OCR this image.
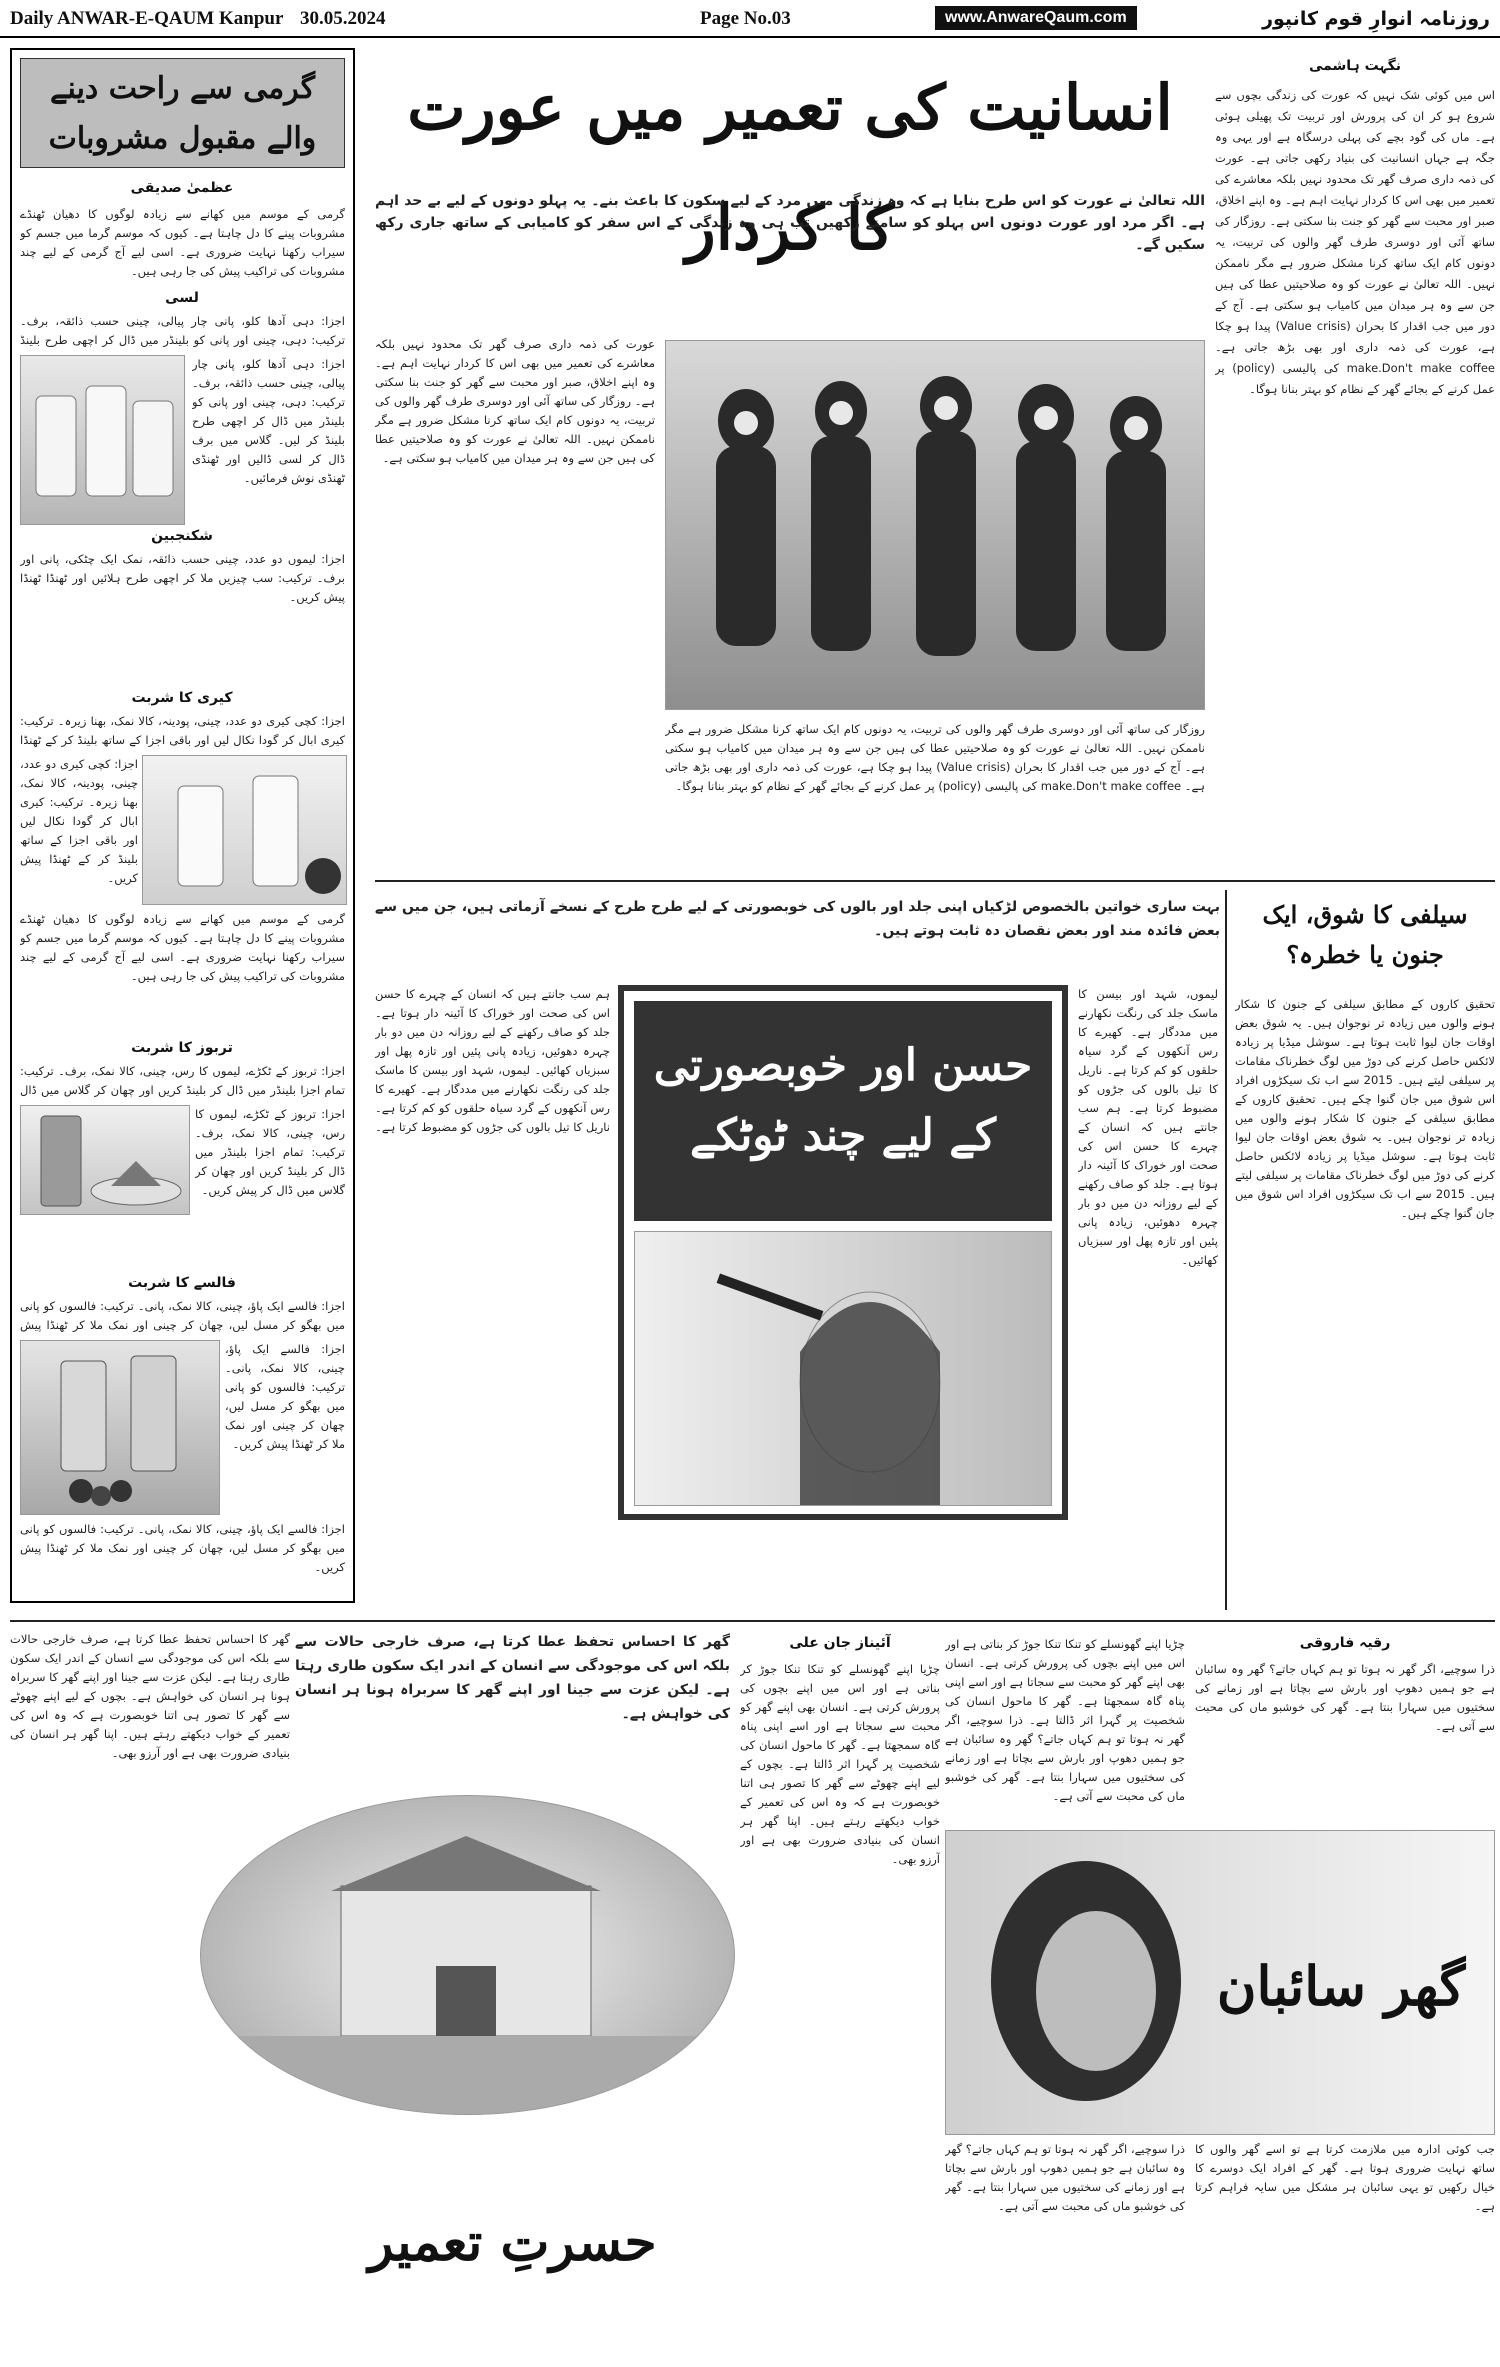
Daily ANWAR-E-QAUM Kanpur 30.05.2024	Page No.03	www.AnwareQaum.com	روزنامہ انوارِ قوم کانپور
گرمی سے راحت دینے والے مقبول مشروبات
عظمیٰ صدیقی
گرمی کے موسم میں کھانے سے زیادہ لوگوں کا دھیان ٹھنڈے مشروبات پینے کا دل چاہتا ہے۔ کیوں کہ موسم گرما میں جسم کو سیراب رکھنا نہایت ضروری ہے۔ اسی لیے آج گرمی کے لیے چند مشروبات کی تراکیب پیش کی جا رہی ہیں۔
لسی
اجزا: دہی آدھا کلو، پانی چار پیالی، چینی حسب ذائقہ، برف۔ ترکیب: دہی، چینی اور پانی کو بلینڈر میں ڈال کر اچھی طرح بلینڈ
اجزا: دہی آدھا کلو، پانی چار پیالی، چینی حسب ذائقہ، برف۔ ترکیب: دہی، چینی اور پانی کو بلینڈر میں ڈال کر اچھی طرح بلینڈ کر لیں۔ گلاس میں برف ڈال کر لسی ڈالیں اور ٹھنڈی ٹھنڈی نوش فرمائیں۔
شکنجبین
اجزا: لیموں دو عدد، چینی حسب ذائقہ، نمک ایک چٹکی، پانی اور برف۔ ترکیب: سب چیزیں ملا کر اچھی طرح ہلائیں اور ٹھنڈا ٹھنڈا پیش کریں۔
کیری کا شربت
اجزا: کچی کیری دو عدد، چینی، پودینہ، کالا نمک، بھنا زیرہ۔ ترکیب: کیری ابال کر گودا نکال لیں اور باقی اجزا کے ساتھ بلینڈ کر کے ٹھنڈا
اجزا: کچی کیری دو عدد، چینی، پودینہ، کالا نمک، بھنا زیرہ۔ ترکیب: کیری ابال کر گودا نکال لیں اور باقی اجزا کے ساتھ بلینڈ کر کے ٹھنڈا پیش کریں۔
گرمی کے موسم میں کھانے سے زیادہ لوگوں کا دھیان ٹھنڈے مشروبات پینے کا دل چاہتا ہے۔ کیوں کہ موسم گرما میں جسم کو سیراب رکھنا نہایت ضروری ہے۔ اسی لیے آج گرمی کے لیے چند مشروبات کی تراکیب پیش کی جا رہی ہیں۔
تربوز کا شربت
اجزا: تربوز کے ٹکڑے، لیموں کا رس، چینی، کالا نمک، برف۔ ترکیب: تمام اجزا بلینڈر میں ڈال کر بلینڈ کریں اور چھان کر گلاس میں ڈال
اجزا: تربوز کے ٹکڑے، لیموں کا رس، چینی، کالا نمک، برف۔ ترکیب: تمام اجزا بلینڈر میں ڈال کر بلینڈ کریں اور چھان کر گلاس میں ڈال کر پیش کریں۔
فالسے کا شربت
اجزا: فالسے ایک پاؤ، چینی، کالا نمک، پانی۔ ترکیب: فالسوں کو پانی میں بھگو کر مسل لیں، چھان کر چینی اور نمک ملا کر ٹھنڈا پیش
اجزا: فالسے ایک پاؤ، چینی، کالا نمک، پانی۔ ترکیب: فالسوں کو پانی میں بھگو کر مسل لیں، چھان کر چینی اور نمک ملا کر ٹھنڈا پیش کریں۔
اجزا: فالسے ایک پاؤ، چینی، کالا نمک، پانی۔ ترکیب: فالسوں کو پانی میں بھگو کر مسل لیں، چھان کر چینی اور نمک ملا کر ٹھنڈا پیش کریں۔
انسانیت کی تعمیر میں عورت کا کردار
نگہت ہاشمی
اللہ تعالیٰ نے عورت کو اس طرح بنایا ہے کہ وہ زندگی میں مرد کے لیے سکون کا باعث بنے۔ یہ پہلو دونوں کے لیے بے حد اہم ہے۔ اگر مرد اور عورت دونوں اس پہلو کو سامنے رکھیں تب ہی وہ زندگی کے اس سفر کو کامیابی کے ساتھ جاری رکھ سکیں گے۔
اس میں کوئی شک نہیں کہ عورت کی زندگی بچوں سے شروع ہو کر ان کی پرورش اور تربیت تک پھیلی ہوئی ہے۔ ماں کی گود بچے کی پہلی درسگاہ ہے اور یہی وہ جگہ ہے جہاں انسانیت کی بنیاد رکھی جاتی ہے۔ عورت کی ذمہ داری صرف گھر تک محدود نہیں بلکہ معاشرے کی تعمیر میں بھی اس کا کردار نہایت اہم ہے۔ وہ اپنے اخلاق، صبر اور محبت سے گھر کو جنت بنا سکتی ہے۔ روزگار کی ساتھ آئی اور دوسری طرف گھر والوں کی تربیت، یہ دونوں کام ایک ساتھ کرنا مشکل ضرور ہے مگر ناممکن نہیں۔ اللہ تعالیٰ نے عورت کو وہ صلاحیتیں عطا کی ہیں جن سے وہ ہر میدان میں کامیاب ہو سکتی ہے۔ آج کے دور میں جب اقدار کا بحران (Value crisis) پیدا ہو چکا ہے، عورت کی ذمہ داری اور بھی بڑھ جاتی ہے۔ make.Don't make coffee کی پالیسی (policy) پر عمل کرنے کے بجائے گھر کے نظام کو بہتر بنانا ہوگا۔
عورت کی ذمہ داری صرف گھر تک محدود نہیں بلکہ معاشرے کی تعمیر میں بھی اس کا کردار نہایت اہم ہے۔ وہ اپنے اخلاق، صبر اور محبت سے گھر کو جنت بنا سکتی ہے۔ روزگار کی ساتھ آئی اور دوسری طرف گھر والوں کی تربیت، یہ دونوں کام ایک ساتھ کرنا مشکل ضرور ہے مگر ناممکن نہیں۔ اللہ تعالیٰ نے عورت کو وہ صلاحیتیں عطا کی ہیں جن سے وہ ہر میدان میں کامیاب ہو سکتی ہے۔
روزگار کی ساتھ آئی اور دوسری طرف گھر والوں کی تربیت، یہ دونوں کام ایک ساتھ کرنا مشکل ضرور ہے مگر ناممکن نہیں۔ اللہ تعالیٰ نے عورت کو وہ صلاحیتیں عطا کی ہیں جن سے وہ ہر میدان میں کامیاب ہو سکتی ہے۔ آج کے دور میں جب اقدار کا بحران (Value crisis) پیدا ہو چکا ہے، عورت کی ذمہ داری اور بھی بڑھ جاتی ہے۔ make.Don't make coffee کی پالیسی (policy) پر عمل کرنے کے بجائے گھر کے نظام کو بہتر بنانا ہوگا۔
بہت ساری خواتین بالخصوص لڑکیاں اپنی جلد اور بالوں کی خوبصورتی کے لیے طرح طرح کے نسخے آزماتی ہیں، جن میں سے بعض فائدہ مند اور بعض نقصان دہ ثابت ہوتے ہیں۔
ہم سب جانتے ہیں کہ انسان کے چہرے کا حسن اس کی صحت اور خوراک کا آئینہ دار ہوتا ہے۔ جلد کو صاف رکھنے کے لیے روزانہ دن میں دو بار چہرہ دھوئیں، زیادہ پانی پئیں اور تازہ پھل اور سبزیاں کھائیں۔ لیموں، شہد اور بیسن کا ماسک جلد کی رنگت نکھارنے میں مددگار ہے۔ کھیرے کا رس آنکھوں کے گرد سیاہ حلقوں کو کم کرتا ہے۔ ناریل کا تیل بالوں کی جڑوں کو مضبوط کرتا ہے۔
حسن اور خوبصورتی کے لیے چند ٹوٹکے
لیموں، شہد اور بیسن کا ماسک جلد کی رنگت نکھارنے میں مددگار ہے۔ کھیرے کا رس آنکھوں کے گرد سیاہ حلقوں کو کم کرتا ہے۔ ناریل کا تیل بالوں کی جڑوں کو مضبوط کرتا ہے۔ ہم سب جانتے ہیں کہ انسان کے چہرے کا حسن اس کی صحت اور خوراک کا آئینہ دار ہوتا ہے۔ جلد کو صاف رکھنے کے لیے روزانہ دن میں دو بار چہرہ دھوئیں، زیادہ پانی پئیں اور تازہ پھل اور سبزیاں کھائیں۔
سیلفی کا شوق، ایک جنون یا خطرہ؟
تحقیق کاروں کے مطابق سیلفی کے جنون کا شکار ہونے والوں میں زیادہ تر نوجوان ہیں۔ یہ شوق بعض اوقات جان لیوا ثابت ہوتا ہے۔ سوشل میڈیا پر زیادہ لائکس حاصل کرنے کی دوڑ میں لوگ خطرناک مقامات پر سیلفی لیتے ہیں۔ 2015 سے اب تک سیکڑوں افراد اس شوق میں جان گنوا چکے ہیں۔ تحقیق کاروں کے مطابق سیلفی کے جنون کا شکار ہونے والوں میں زیادہ تر نوجوان ہیں۔ یہ شوق بعض اوقات جان لیوا ثابت ہوتا ہے۔ سوشل میڈیا پر زیادہ لائکس حاصل کرنے کی دوڑ میں لوگ خطرناک مقامات پر سیلفی لیتے ہیں۔ 2015 سے اب تک سیکڑوں افراد اس شوق میں جان گنوا چکے ہیں۔
گھر کا احساس تحفظ عطا کرتا ہے، صرف خارجی حالات سے بلکہ اس کی موجودگی سے انسان کے اندر ایک سکون طاری رہتا ہے۔ لیکن عزت سے جینا اور اپنے گھر کا سربراہ ہونا ہر انسان کی خواہش ہے۔ بچوں کے لیے اپنے چھوٹے سے گھر کا تصور ہی اتنا خوبصورت ہے کہ وہ اس کی تعمیر کے خواب دیکھتے رہتے ہیں۔ اپنا گھر ہر انسان کی بنیادی ضرورت بھی ہے اور آرزو بھی۔
گھر کا احساس تحفظ عطا کرتا ہے، صرف خارجی حالات سے بلکہ اس کی موجودگی سے انسان کے اندر ایک سکون طاری رہتا ہے۔ لیکن عزت سے جینا اور اپنے گھر کا سربراہ ہونا ہر انسان کی خواہش ہے۔
حسرتِ تعمیر
آئیناز جان علی
چڑیا اپنے گھونسلے کو تنکا تنکا جوڑ کر بناتی ہے اور اس میں اپنے بچوں کی پرورش کرتی ہے۔ انسان بھی اپنے گھر کو محبت سے سجاتا ہے اور اسے اپنی پناہ گاہ سمجھتا ہے۔ گھر کا ماحول انسان کی شخصیت پر گہرا اثر ڈالتا ہے۔ بچوں کے لیے اپنے چھوٹے سے گھر کا تصور ہی اتنا خوبصورت ہے کہ وہ اس کی تعمیر کے خواب دیکھتے رہتے ہیں۔ اپنا گھر ہر انسان کی بنیادی ضرورت بھی ہے اور آرزو بھی۔
چڑیا اپنے گھونسلے کو تنکا تنکا جوڑ کر بناتی ہے اور اس میں اپنے بچوں کی پرورش کرتی ہے۔ انسان بھی اپنے گھر کو محبت سے سجاتا ہے اور اسے اپنی پناہ گاہ سمجھتا ہے۔ گھر کا ماحول انسان کی شخصیت پر گہرا اثر ڈالتا ہے۔ ذرا سوچیے، اگر گھر نہ ہوتا تو ہم کہاں جاتے؟ گھر وہ سائبان ہے جو ہمیں دھوپ اور بارش سے بچاتا ہے اور زمانے کی سختیوں میں سہارا بنتا ہے۔ گھر کی خوشبو ماں کی محبت سے آتی ہے۔
رقیہ فاروقی
ذرا سوچیے، اگر گھر نہ ہوتا تو ہم کہاں جاتے؟ گھر وہ سائبان ہے جو ہمیں دھوپ اور بارش سے بچاتا ہے اور زمانے کی سختیوں میں سہارا بنتا ہے۔ گھر کی خوشبو ماں کی محبت سے آتی ہے۔
گھر سائبان
جب کوئی ادارہ میں ملازمت کرتا ہے تو اسے گھر والوں کا ساتھ نہایت ضروری ہوتا ہے۔ گھر کے افراد ایک دوسرے کا خیال رکھیں تو یہی سائبان ہر مشکل میں سایہ فراہم کرتا ہے۔
ذرا سوچیے، اگر گھر نہ ہوتا تو ہم کہاں جاتے؟ گھر وہ سائبان ہے جو ہمیں دھوپ اور بارش سے بچاتا ہے اور زمانے کی سختیوں میں سہارا بنتا ہے۔ گھر کی خوشبو ماں کی محبت سے آتی ہے۔
